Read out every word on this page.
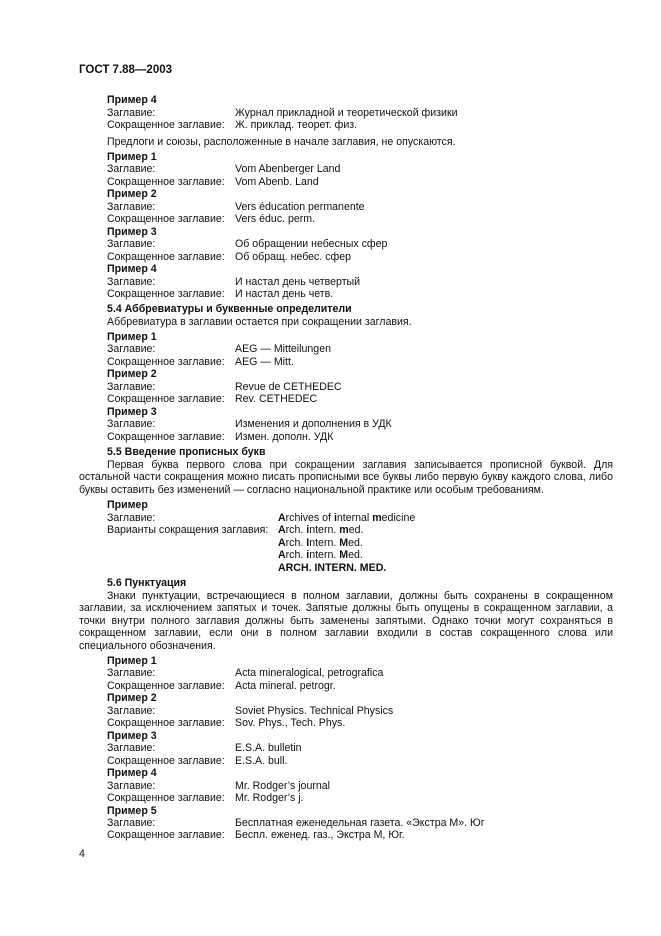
ГОСТ 7.88—2003
Пример 4
Заглавие:	Журнал прикладной и теоретической физики
Сокращенное заглавие: Ж. приклад. теорет. физ.
Предлоги и союзы, расположенные в начале заглавия, не опускаются.
Пример 1
Заглавие:	Vom Abenberger Land
Сокращенное заглавие: Vom Abenb. Land
Пример 2
Заглавие:	Vers éducation permanente
Сокращенное заглавие: Vers éduc. perm.
Пример 3
Заглавие:	Об обращении небесных сфер
Сокращенное заглавие: Об обращ. небес. сфер
Пример 4
Заглавие:	И настал день четвертый
Сокращенное заглавие: И настал день четв.
5.4 Аббревиатуры и буквенные определители
Аббревиатура в заглавии остается при сокращении заглавия.
Пример 1
Заглавие:	AEG — Mitteilungen
Сокращенное заглавие: AEG — Mitt.
Пример 2
Заглавие:	Revue de CETHEDEC
Сокращенное заглавие: Rev. CETHEDEC
Пример 3
Заглавие:	Изменения и дополнения в УДК
Сокращенное заглавие: Измен. дополн. УДК
5.5 Введение прописных букв
Первая буква первого слова при сокращении заглавия записывается прописной буквой. Для остальной части сокращения можно писать прописными все буквы либо первую букву каждого слова, либо буквы оставить без изменений — согласно национальной практике или особым требованиям.
Пример
Заглавие:	Archives of internal medicine
Варианты сокращения заглавия: Arch. intern. med.
Arch. Intern. Med.
Arch. intern. Med.
ARCH. INTERN. MED.
5.6 Пунктуация
Знаки пунктуации, встречающиеся в полном заглавии, должны быть сохранены в сокращенном заглавии, за исключением запятых и точек. Запятые должны быть опущены в сокращенном заглавии, а точки внутри полного заглавия должны быть заменены запятыми. Однако точки могут сохраняться в сокращенном заглавии, если они в полном заглавии входили в состав сокращенного слова или специального обозначения.
Пример 1
Заглавие:	Acta mineralogical, petrografica
Сокращенное заглавие: Acta mineral. petrogr.
Пример 2
Заглавие:	Soviet Physics. Technical Physics
Сокращенное заглавие: Sov. Phys., Tech. Phys.
Пример 3
Заглавие:	E.S.A. bulletin
Сокращенное заглавие: E.S.A. bull.
Пример 4
Заглавие:	Mr. Rodger’s journal
Сокращенное заглавие: Mr. Rodger’s j.
Пример 5
Заглавие:	Бесплатная еженедельная газета. «Экстра М». Юг
Сокращенное заглавие: Беспл. еженед. газ., Экстра М, Юг.
4
